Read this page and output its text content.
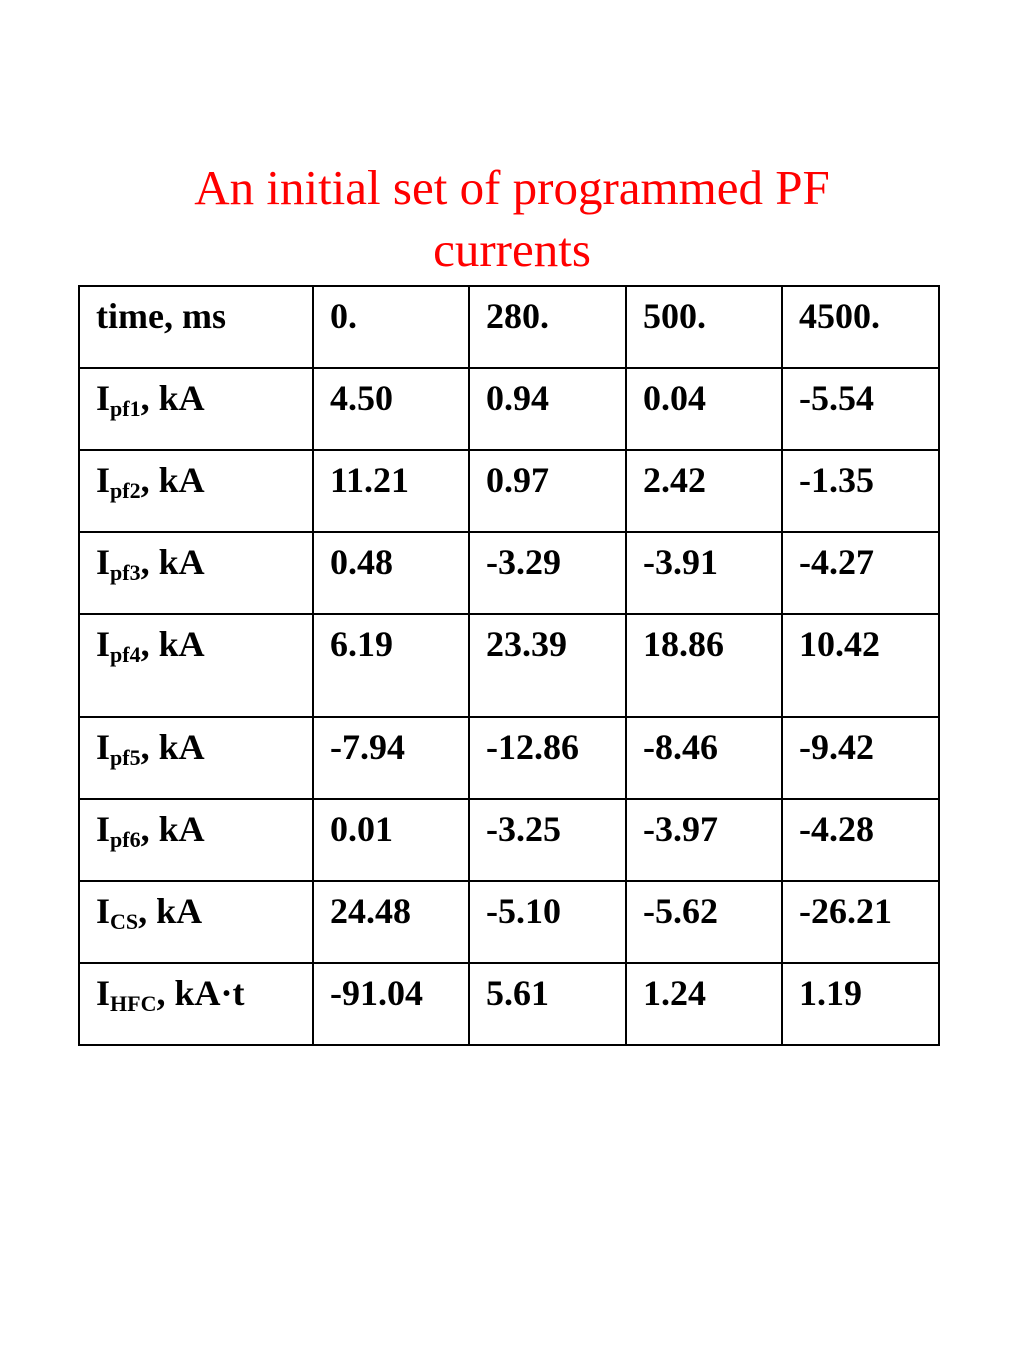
An initial set of programmed PF
currents
time, ms	0.	280.	500.	4500.
$I_{pf1}$, kA	4.50	0.94	0.04	-5.54
$I_{pf2}$, kA	11.21	0.97	2.42	-1.35
$I_{pf3}$, kA	0.48	-3.29	-3.91	-4.27
$I_{pf4}$, kA	6.19	23.39	18.86	10.42
$I_{pf5}$, kA	-7.94	-12.86	-8.46	-9.42
$I_{pf6}$, kA	0.01	-3.25	-3.97	-4.28
$I_{CS}$, kA	24.48	-5.10	-5.62	-26.21
$I_{HFC}$, kA·t	-91.04	5.61	1.24	1.19
